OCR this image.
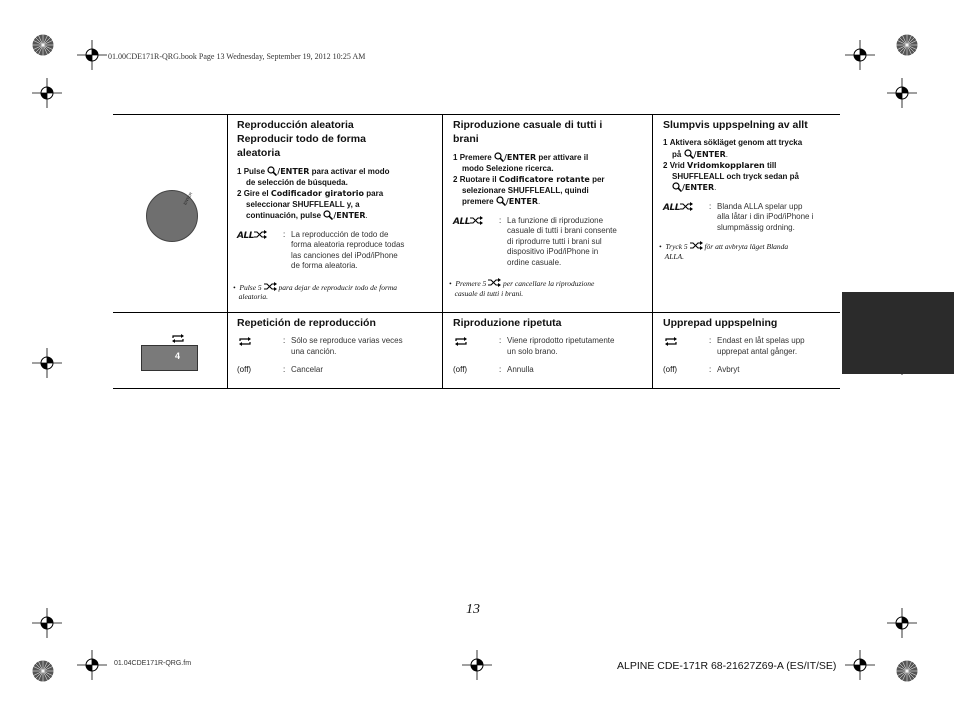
01.00CDE171R-QRG.book Page 13 Wednesday, September 19, 2012 10:25 AM
ENTER
4
Reproducción aleatoria
Reproducir todo de forma
aleatoria
1 Pulse /ENTER para activar el modo
de selección de búsqueda.
2 Gire el Codificador giratorio para
seleccionar SHUFFLEALL y, a
continuación, pulse /ENTER.
ALL	: La reproducción de todo de
forma aleatoria reproduce todas
las canciones del iPod/iPhone
de forma aleatoria.
•  Pulse 5 para dejar de reproducir todo de forma
aleatoria.
Riproduzione casuale di tutti i
brani
1 Premere /ENTER per attivare il
modo Selezione ricerca.
2 Ruotare il Codificatore rotante per
selezionare SHUFFLEALL, quindi
premere /ENTER.
ALL	: La funzione di riproduzione
casuale di tutti i brani consente
di riprodurre tutti i brani sul
dispositivo iPod/iPhone in
ordine casuale.
•  Premere 5 per cancellare la riproduzione
casuale di tutti i brani.
Slumpvis uppspelning av allt
1 Aktivera sökläget genom att trycka
på /ENTER.
2 Vrid Vridomkopplaren till
SHUFFLEALL och tryck sedan på
/ENTER.
ALL	: Blanda ALLA spelar upp
alla låtar i din iPod/iPhone i
slumpmässig ordning.
•  Tryck 5 för att avbryta läget Blanda
ALLA.
Repetición de reproducción
: Sólo se reproduce varias veces
una canción.
(off)	: Cancelar
Riproduzione ripetuta
: Viene riprodotto ripetutamente
un solo brano.
(off)	: Annulla
Upprepad uppspelning
: Endast en låt spelas upp
upprepat antal gånger.
(off)	: Avbryt
13
01.04CDE171R-QRG.fm	ALPINE CDE-171R 68-21627Z69-A (ES/IT/SE)
